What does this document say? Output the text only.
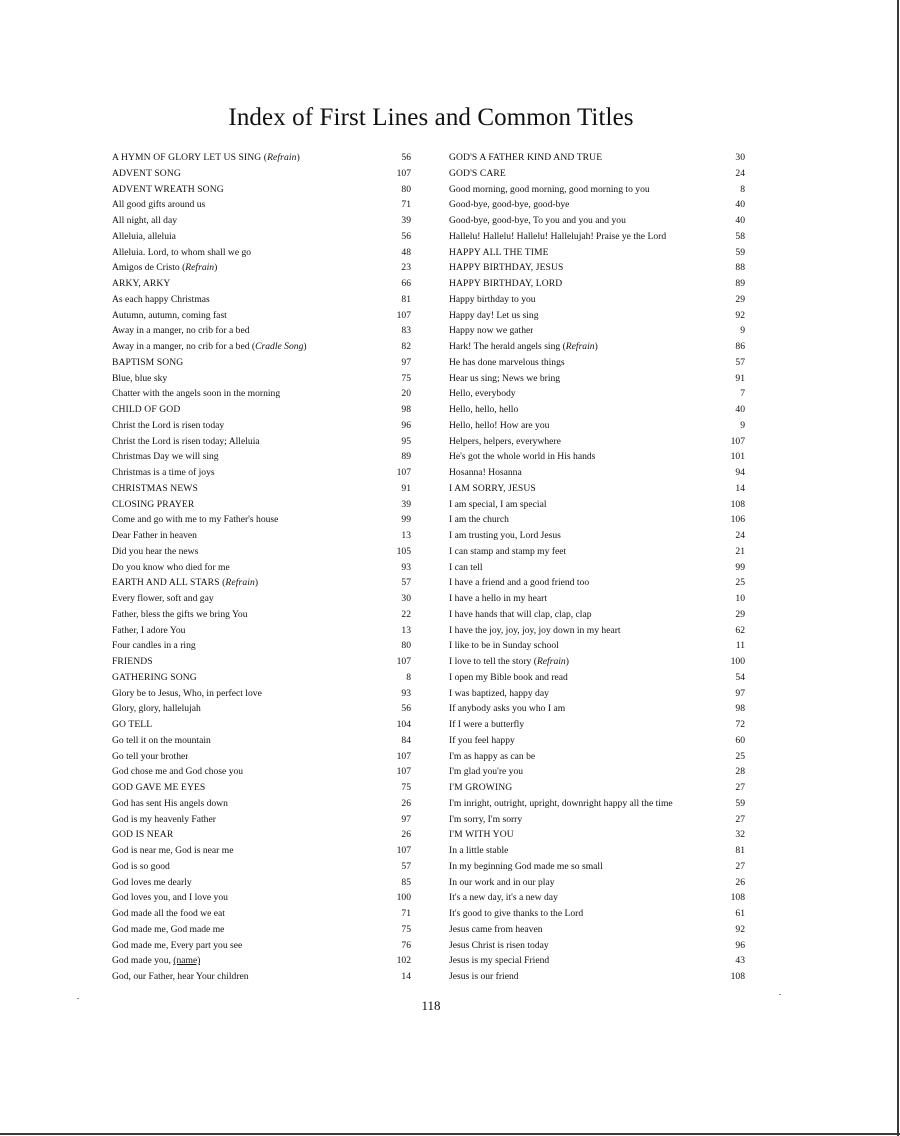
Index of First Lines and Common Titles
A HYMN OF GLORY LET US SING (Refrain)	56
ADVENT SONG	107
ADVENT WREATH SONG	80
All good gifts around us	71
All night, all day	39
Alleluia, alleluia	56
Alleluia. Lord, to whom shall we go	48
Amigos de Cristo (Refrain)	23
ARKY, ARKY	66
As each happy Christmas	81
Autumn, autumn, coming fast	107
Away in a manger, no crib for a bed	83
Away in a manger, no crib for a bed (Cradle Song)	82
BAPTISM SONG	97
Blue, blue sky	75
Chatter with the angels soon in the morning	20
CHILD OF GOD	98
Christ the Lord is risen today	96
Christ the Lord is risen today; Alleluia	95
Christmas Day we will sing	89
Christmas is a time of joys	107
CHRISTMAS NEWS	91
CLOSING PRAYER	39
Come and go with me to my Father's house	99
Dear Father in heaven	13
Did you hear the news	105
Do you know who died for me	93
EARTH AND ALL STARS (Refrain)	57
Every flower, soft and gay	30
Father, bless the gifts we bring You	22
Father, I adore You	13
Four candles in a ring	80
FRIENDS	107
GATHERING SONG	8
Glory be to Jesus, Who, in perfect love	93
Glory, glory, hallelujah	56
GO TELL	104
Go tell it on the mountain	84
Go tell your brother	107
God chose me and God chose you	107
GOD GAVE ME EYES	75
God has sent His angels down	26
God is my heavenly Father	97
GOD IS NEAR	26
God is near me, God is near me	107
God is so good	57
God loves me dearly	85
God loves you, and I love you	100
God made all the food we eat	71
God made me, God made me	75
God made me, Every part you see	76
God made you, (name)	102
God, our Father, hear Your children	14
GOD'S A FATHER KIND AND TRUE	30
GOD'S CARE	24
Good morning, good morning, good morning to you	8
Good-bye, good-bye, good-bye	40
Good-bye, good-bye, To you and you and you	40
Hallelu! Hallelu! Hallelu! Hallelujah! Praise ye the Lord	58
HAPPY ALL THE TIME	59
HAPPY BIRTHDAY, JESUS	88
HAPPY BIRTHDAY, LORD	89
Happy birthday to you	29
Happy day! Let us sing	92
Happy now we gather	9
Hark! The herald angels sing (Refrain)	86
He has done marvelous things	57
Hear us sing; News we bring	91
Hello, everybody	7
Hello, hello, hello	40
Hello, hello! How are you	9
Helpers, helpers, everywhere	107
He's got the whole world in His hands	101
Hosanna! Hosanna	94
I AM SORRY, JESUS	14
I am special, I am special	108
I am the church	106
I am trusting you, Lord Jesus	24
I can stamp and stamp my feet	21
I can tell	99
I have a friend and a good friend too	25
I have a hello in my heart	10
I have hands that will clap, clap, clap	29
I have the joy, joy, joy, joy down in my heart	62
I like to be in Sunday school	11
I love to tell the story (Refrain)	100
I open my Bible book and read	54
I was baptized, happy day	97
If anybody asks you who I am	98
If I were a butterfly	72
If you feel happy	60
I'm as happy as can be	25
I'm glad you're you	28
I'M GROWING	27
I'm inright, outright, upright, downright happy all the time	59
I'm sorry, I'm sorry	27
I'M WITH YOU	32
In a little stable	81
In my beginning God made me so small	27
In our work and in our play	26
It's a new day, it's a new day	108
It's good to give thanks to the Lord	61
Jesus came from heaven	92
Jesus Christ is risen today	96
Jesus is my special Friend	43
Jesus is our friend	108
118
